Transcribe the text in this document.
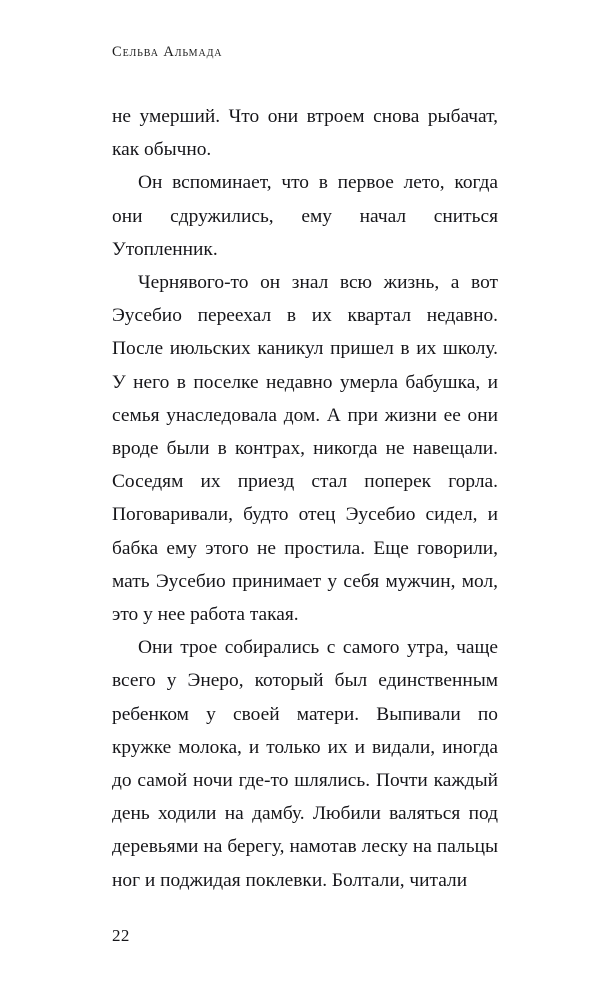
Сельва Альмада

не умерший. Что они втроем снова рыбачат, как обычно.

Он вспоминает, что в первое лето, когда они сдружились, ему начал сниться Утопленник.

Чернявого-то он знал всю жизнь, а вот Эусебио переехал в их квартал недавно. После июльских каникул пришел в их школу. У него в поселке недавно умерла бабушка, и семья унаследовала дом. А при жизни ее они вроде были в контрах, никогда не навещали. Соседям их приезд стал поперек горла. Поговаривали, будто отец Эусебио сидел, и бабка ему этого не простила. Еще говорили, мать Эусебио принимает у себя мужчин, мол, это у нее работа такая.

Они трое собирались с самого утра, чаще всего у Энеро, который был единственным ребенком у своей матери. Выпивали по кружке молока, и только их и видали, иногда до самой ночи где-то шлялись. Почти каждый день ходили на дамбу. Любили валяться под деревьями на берегу, намотав леску на пальцы ног и поджидая поклевки. Болтали, читали

22
